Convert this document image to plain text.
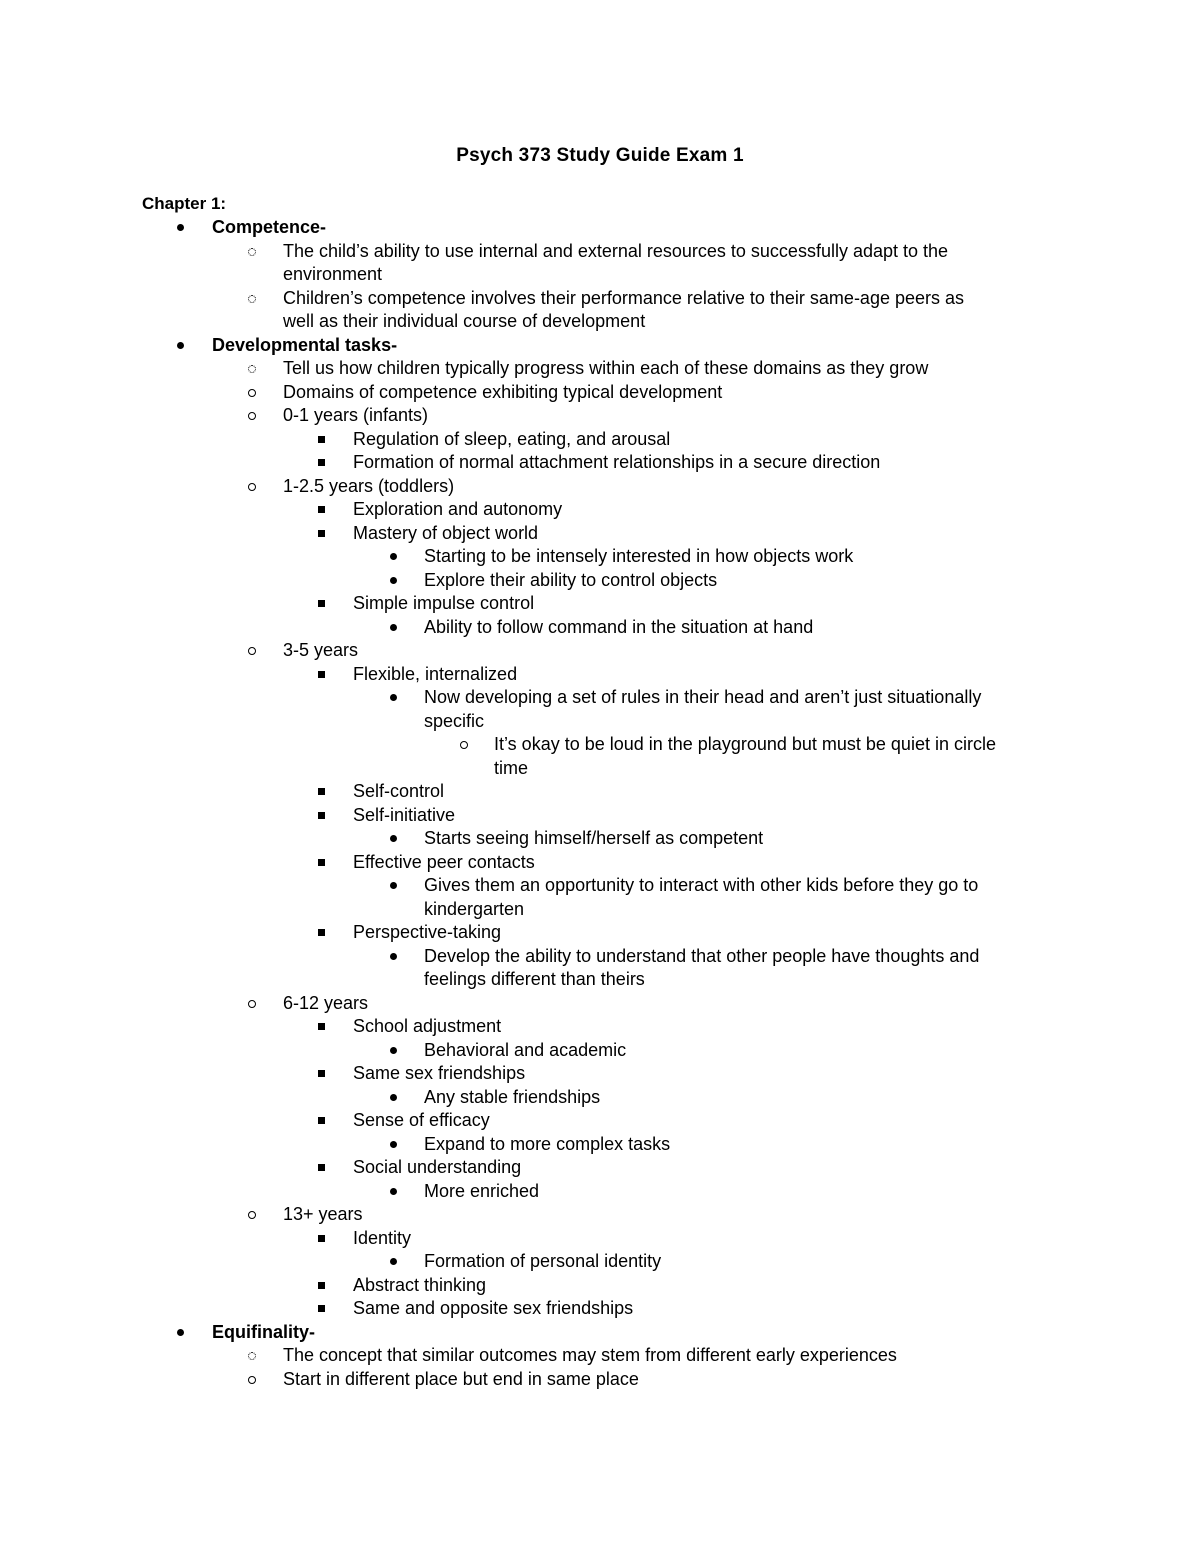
Psych 373 Study Guide Exam 1
Chapter 1:
Competence-
The child’s ability to use internal and external resources to successfully adapt to the
environment
Children’s competence involves their performance relative to their same-age peers as
well as their individual course of development
Developmental tasks-
Tell us how children typically progress within each of these domains as they grow
Domains of competence exhibiting typical development
0-1 years (infants)
Regulation of sleep, eating, and arousal
Formation of normal attachment relationships in a secure direction
1-2.5 years (toddlers)
Exploration and autonomy
Mastery of object world
Starting to be intensely interested in how objects work
Explore their ability to control objects
Simple impulse control
Ability to follow command in the situation at hand
3-5 years
Flexible, internalized
Now developing a set of rules in their head and aren’t just situationally
specific
It’s okay to be loud in the playground but must be quiet in circle
time
Self-control
Self-initiative
Starts seeing himself/herself as competent
Effective peer contacts
Gives them an opportunity to interact with other kids before they go to
kindergarten
Perspective-taking
Develop the ability to understand that other people have thoughts and
feelings different than theirs
6-12 years
School adjustment
Behavioral and academic
Same sex friendships
Any stable friendships
Sense of efficacy
Expand to more complex tasks
Social understanding
More enriched
13+ years
Identity
Formation of personal identity
Abstract thinking
Same and opposite sex friendships
Equifinality-
The concept that similar outcomes may stem from different early experiences
Start in different place but end in same place
